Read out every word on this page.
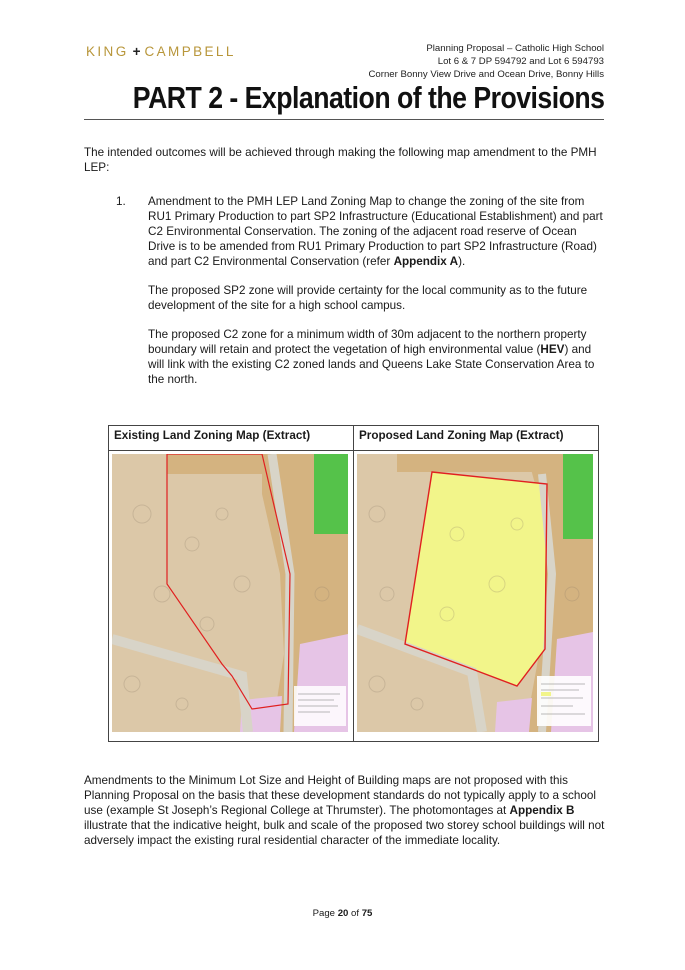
KING + CAMPBELL	Planning Proposal – Catholic High School
Lot 6 & 7 DP 594792 and Lot 6 594793
Corner Bonny View Drive and Ocean Drive, Bonny Hills
PART 2 - Explanation of the Provisions
The intended outcomes will be achieved through making the following map amendment to the PMH LEP:
1. Amendment to the PMH LEP Land Zoning Map to change the zoning of the site from RU1 Primary Production to part SP2 Infrastructure (Educational Establishment) and part C2 Environmental Conservation. The zoning of the adjacent road reserve of Ocean Drive is to be amended from RU1 Primary Production to part SP2 Infrastructure (Road) and part C2 Environmental Conservation (refer Appendix A).

The proposed SP2 zone will provide certainty for the local community as to the future development of the site for a high school campus.

The proposed C2 zone for a minimum width of 30m adjacent to the northern property boundary will retain and protect the vegetation of high environmental value (HEV) and will link with the existing C2 zoned lands and Queens Lake State Conservation Area to the north.

Existing Land Zoning Map (Extract)	Proposed Land Zoning Map (Extract)

Amendments to the Minimum Lot Size and Height of Building maps are not proposed with this Planning Proposal on the basis that these development standards do not typically apply to a school use (example St Joseph’s Regional College at Thrumster). The photomontages at Appendix B illustrate that the indicative height, bulk and scale of the proposed two storey school buildings will not adversely impact the existing rural residential character of the immediate locality.
Page 20 of 75
